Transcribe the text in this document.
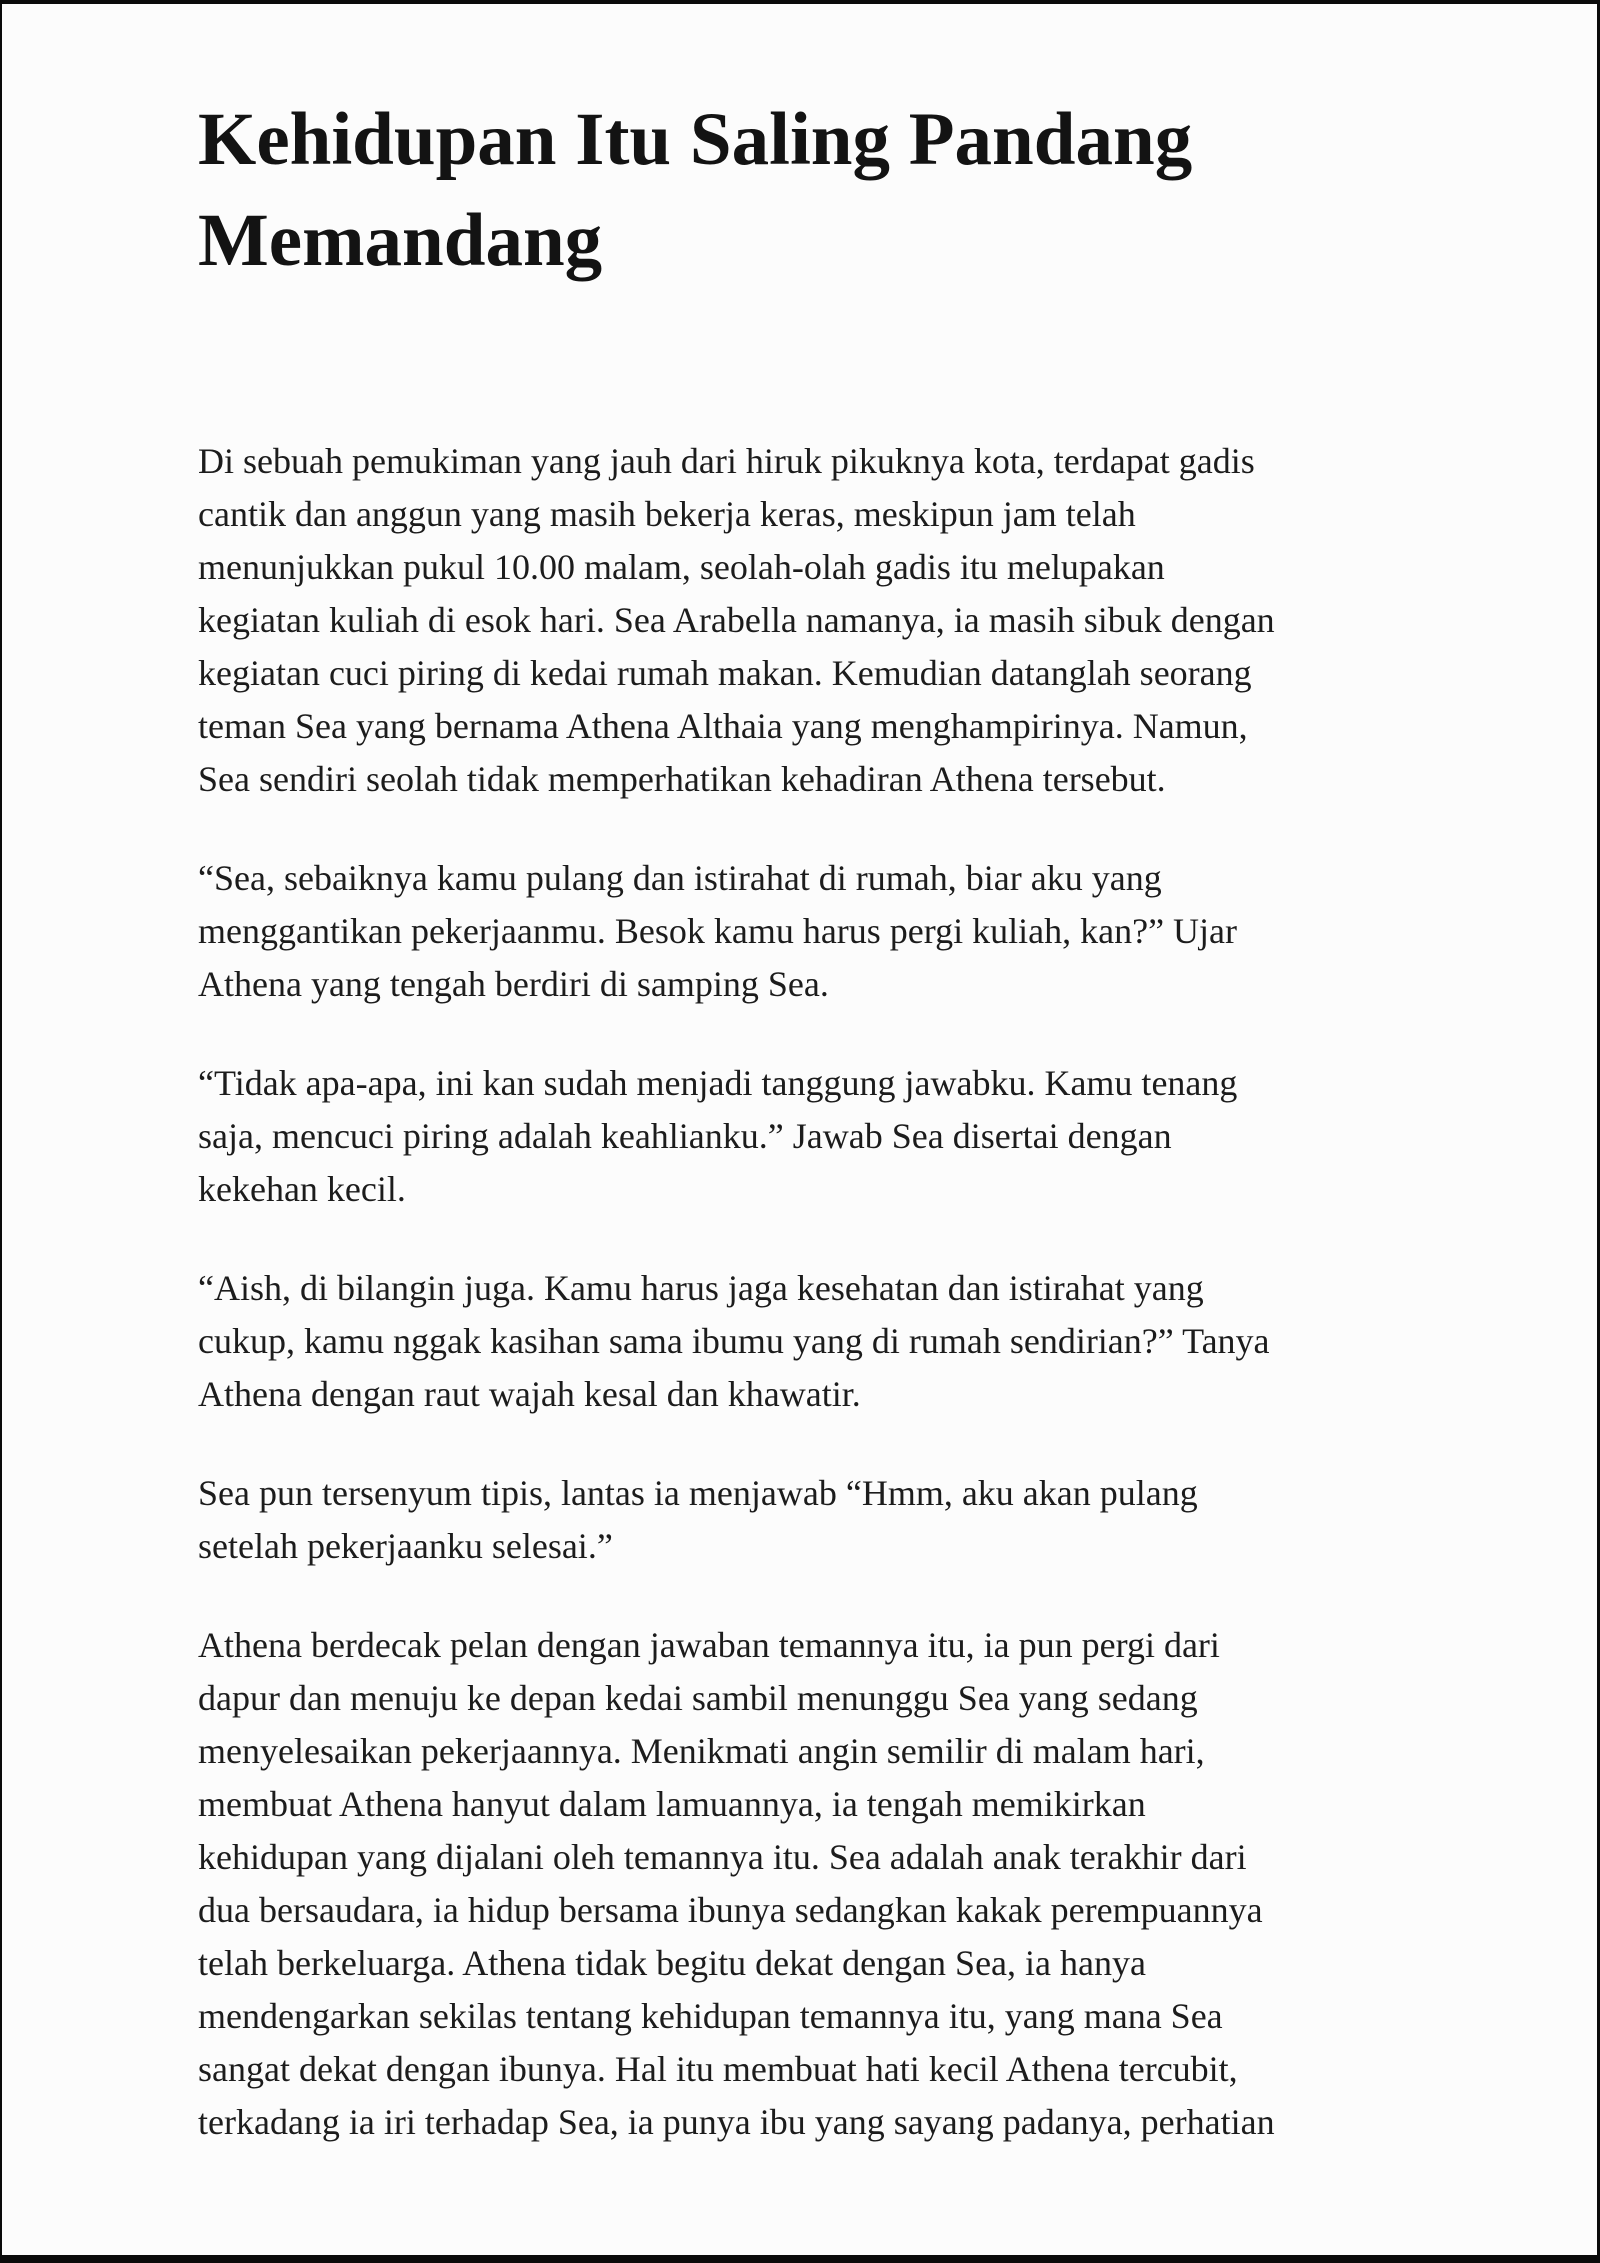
Kehidupan Itu Saling Pandang
Memandang

Di sebuah pemukiman yang jauh dari hiruk pikuknya kota, terdapat gadis
cantik dan anggun yang masih bekerja keras, meskipun jam telah
menunjukkan pukul 10.00 malam, seolah-olah gadis itu melupakan
kegiatan kuliah di esok hari. Sea Arabella namanya, ia masih sibuk dengan
kegiatan cuci piring di kedai rumah makan. Kemudian datanglah seorang
teman Sea yang bernama Athena Althaia yang menghampirinya. Namun,
Sea sendiri seolah tidak memperhatikan kehadiran Athena tersebut.

“Sea, sebaiknya kamu pulang dan istirahat di rumah, biar aku yang
menggantikan pekerjaanmu. Besok kamu harus pergi kuliah, kan?” Ujar
Athena yang tengah berdiri di samping Sea.

“Tidak apa-apa, ini kan sudah menjadi tanggung jawabku. Kamu tenang
saja, mencuci piring adalah keahlianku.” Jawab Sea disertai dengan
kekehan kecil.

“Aish, di bilangin juga. Kamu harus jaga kesehatan dan istirahat yang
cukup, kamu nggak kasihan sama ibumu yang di rumah sendirian?” Tanya
Athena dengan raut wajah kesal dan khawatir.

Sea pun tersenyum tipis, lantas ia menjawab “Hmm, aku akan pulang
setelah pekerjaanku selesai.”

Athena berdecak pelan dengan jawaban temannya itu, ia pun pergi dari
dapur dan menuju ke depan kedai sambil menunggu Sea yang sedang
menyelesaikan pekerjaannya. Menikmati angin semilir di malam hari,
membuat Athena hanyut dalam lamuannya, ia tengah memikirkan
kehidupan yang dijalani oleh temannya itu. Sea adalah anak terakhir dari
dua bersaudara, ia hidup bersama ibunya sedangkan kakak perempuannya
telah berkeluarga. Athena tidak begitu dekat dengan Sea, ia hanya
mendengarkan sekilas tentang kehidupan temannya itu, yang mana Sea
sangat dekat dengan ibunya. Hal itu membuat hati kecil Athena tercubit,
terkadang ia iri terhadap Sea, ia punya ibu yang sayang padanya, perhatian
